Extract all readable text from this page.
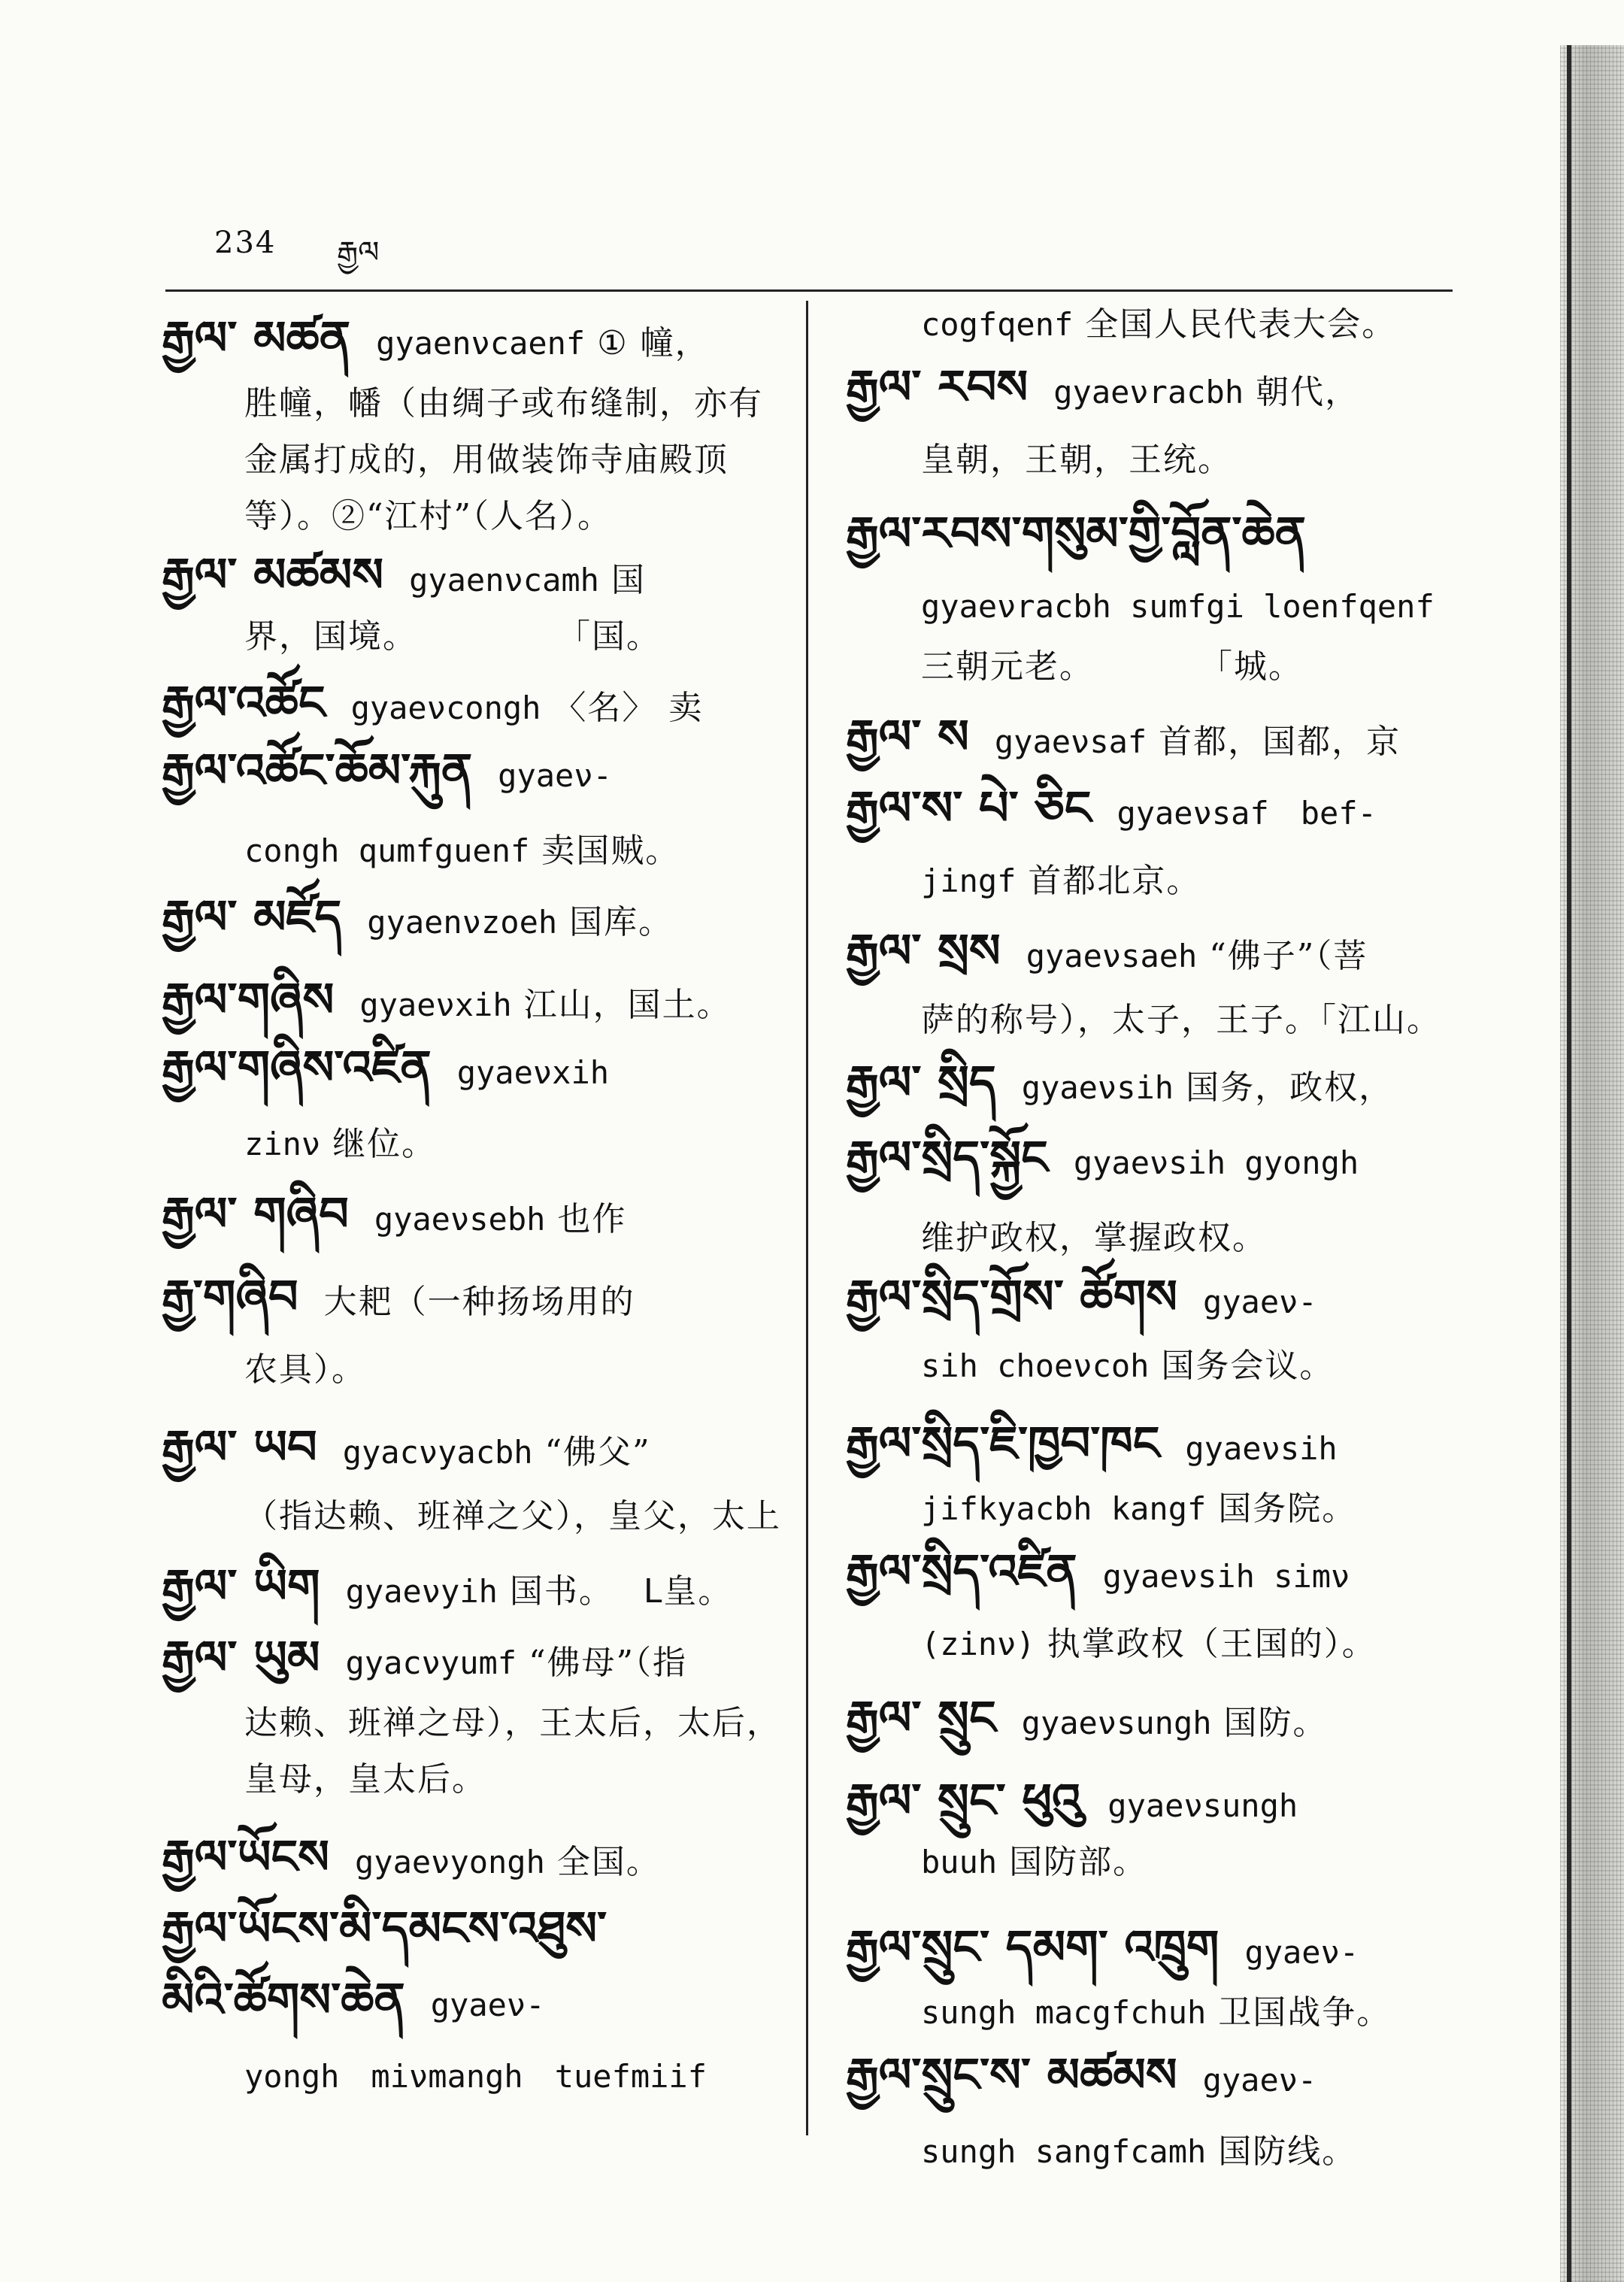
234 རྒྱལ
རྒྱལ་ མཚན gyaenνcaenf ① 幢，
胜幢，幡（由绸子或布缝制，亦有
金属打成的，用做装饰寺庙殿顶
等）。②“江村”（人名）。
རྒྱལ་ མཚམས gyaenνcamh 国
界，国境。　　　　　「国。
རྒྱལ་འཚོང gyaeνcongh 〈名〉 卖
རྒྱལ་འཚོང་ཆོམ་རྐུན gyaeν-
congh qumfguenf 卖国贼。
རྒྱལ་ མཛོད gyaenνzoeh 国库。
རྒྱལ་གཞིས gyaeνxih 江山，国土。
རྒྱལ་གཞིས་འཛིན gyaeνxih
zinν 继位。
རྒྱལ་ གཞིབ gyaeνsebh 也作
རྒྱ་གཞིབ 大耙（一种扬场用的
农具）。
རྒྱལ་ ཡབ gyacνyacbh “佛父”
（指达赖、班禅之父），皇父，太上
རྒྱལ་ ཡིག gyaeνyih 国书。　 ᒪ皇。
རྒྱལ་ ཡུམ gyacνyumf “佛母”（指
达赖、班禅之母），王太后，太后，
皇母，皇太后。
རྒྱལ་ཡོངས gyaeνyongh 全国。
རྒྱལ་ཡོངས་མི་དམངས་འཐུས་
མིའི་ཚོགས་ཆེན gyaeν-
yongh　miνmangh　tuefmiif
cogfqenf 全国人民代表大会。
རྒྱལ་ རབས gyaeνracbh 朝代，
皇朝，王朝，王统。
རྒྱལ་རབས་གསུམ་གྱི་བློན་ཆེན
gyaeνracbh sumfgi loenfqenf
三朝元老。　　　　「城。
རྒྱལ་ ས gyaeνsaf 首都，国都，京
རྒྱལ་ས་ པེ་ ཅིང gyaeνsaf　bef-
jingf 首都北京。
རྒྱལ་ སྲས gyaeνsaeh “佛子”（菩
萨的称号），太子，王子。「江山。
རྒྱལ་ སྲིད gyaeνsih 国务，政权，
རྒྱལ་སྲིད་སྐྱོང gyaeνsih gyongh
维护政权，掌握政权。
རྒྱལ་སྲིད་གྲོས་ ཚོགས gyaeν-
sih choeνcoh 国务会议。
རྒྱལ་སྲིད་ཇི་ཁྱབ་ཁང gyaeνsih
jifkyacbh kangf 国务院。
རྒྱལ་སྲིད་འཛིན gyaeνsih simν
(zinν) 执掌政权（王国的）。
རྒྱལ་ སྲུང gyaeνsungh 国防。
རྒྱལ་ སྲུང་ ཕུའུ gyaeνsungh
buuh 国防部。
རྒྱལ་སྲུང་ དམག་ འཁྲུག gyaeν-
sungh macgfchuh 卫国战争。
རྒྱལ་སྲུང་ས་ མཚམས gyaeν-
sungh sangfcamh 国防线。
